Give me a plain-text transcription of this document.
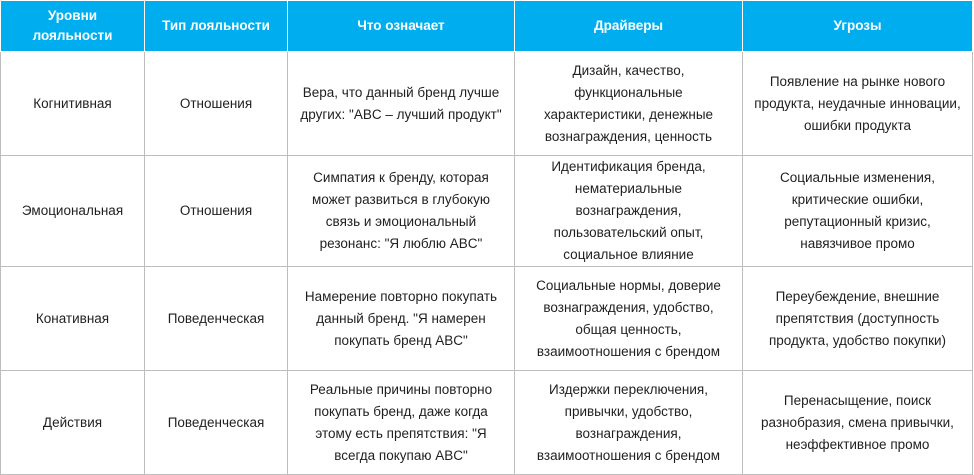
Уровни лояльности	Тип лояльности	Что означает	Драйверы	Угрозы
Когнитивная	Отношения	Вера, что данный бренд лучше других: "ABC – лучший продукт"	Дизайн, качество, функциональные характеристики, денежные вознаграждения, ценность	Появление на рынке нового продукта, неудачные инновации, ошибки продукта
Эмоциональная	Отношения	Симпатия к бренду, которая может развиться в глубокую связь и эмоциональный резонанс: "Я люблю ABC"	Идентификация бренда, нематериальные вознаграждения, пользовательский опыт, социальное влияние	Социальные изменения, критические ошибки, репутационный кризис, навязчивое промо
Конативная	Поведенческая	Намерение повторно покупать данный бренд. "Я намерен покупать бренд ABC"	Социальные нормы, доверие вознаграждения, удобство, общая ценность, взаимоотношения с брендом	Переубеждение, внешние препятствия (доступность продукта, удобство покупки)
Действия	Поведенческая	Реальные причины повторно покупать бренд, даже когда этому есть препятствия: "Я всегда покупаю ABC"	Издержки переключения, привычки, удобство, вознаграждения, взаимоотношения с брендом	Перенасыщение, поиск разнобразия, смена привычки, неэффективное промо
